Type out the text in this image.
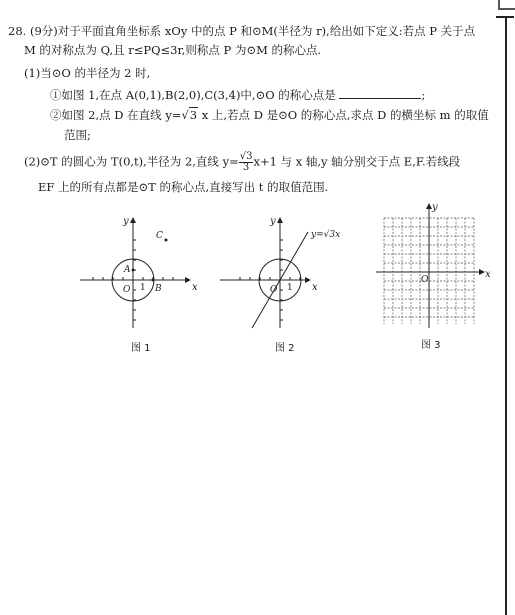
28. (9分)对于平面直角坐标系 xOy 中的点 P 和⊙M(半径为 r),给出如下定义:若点 P 关于点
M 的对称点为 Q,且 r≤PQ≤3r,则称点 P 为⊙M 的称心点.
(1)当⊙O 的半径为 2 时,
①如图 1,在点 A(0,1),B(2,0),C(3,4)中,⊙O 的称心点是	;
②如图 2,点 D 在直线 y=√3 x 上,若点 D 是⊙O 的称心点,求点 D 的横坐标 m 的取值
范围;
(2)⊙T 的圆心为 T(0,t),半径为 2,直线 $y= \frac{√3}{3} x+1$ 与 x 轴,y 轴分别交于点 E,F.若线段
EF 上的所有点都是⊙T 的称心点,直接写出 t 的取值范围.
x
y
O 1
A
B
C
图 1
x
y
O 1
y=√3x
图 2
x
y
O
图 3
